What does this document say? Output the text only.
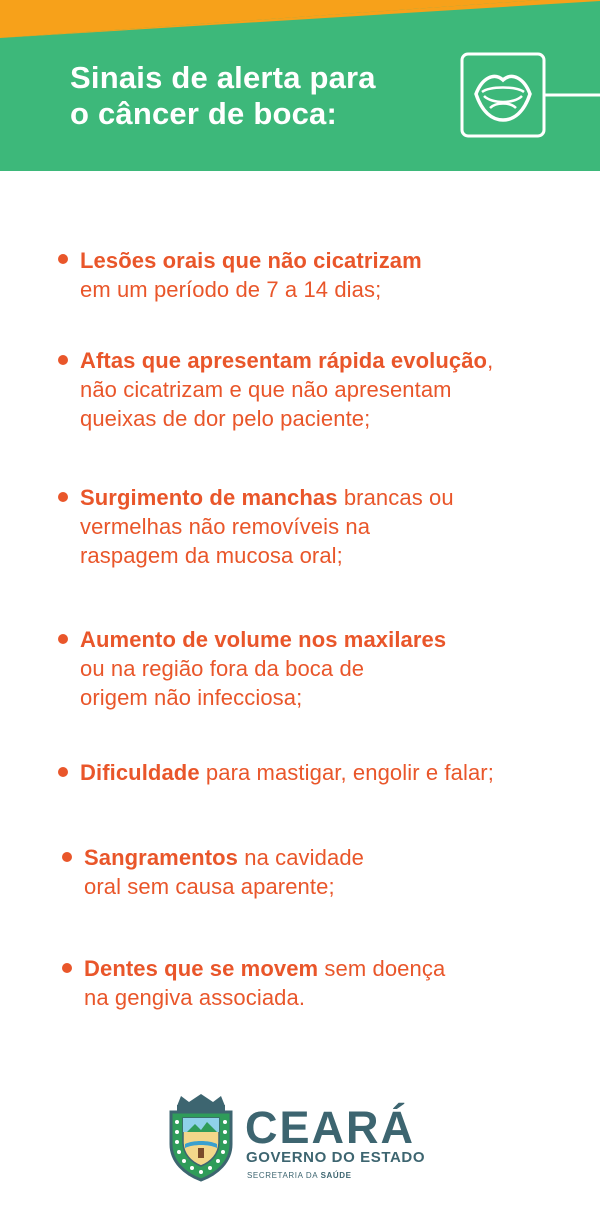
Sinais de alerta para
o câncer de boca:
Lesões orais que não cicatrizam
em um período de 7 a 14 dias;
Aftas que apresentam rápida evolução,
não cicatrizam e que não apresentam
queixas de dor pelo paciente;
Surgimento de manchas brancas ou
vermelhas não removíveis na
raspagem da mucosa oral;
Aumento de volume nos maxilares
ou na região fora da boca de
origem não infecciosa;
Dificuldade para mastigar, engolir e falar;
Sangramentos na cavidade
oral sem causa aparente;
Dentes que se movem sem doença
na gengiva associada.
CEARÁ
GOVERNO DO ESTADO
SECRETARIA DA SAÚDE
